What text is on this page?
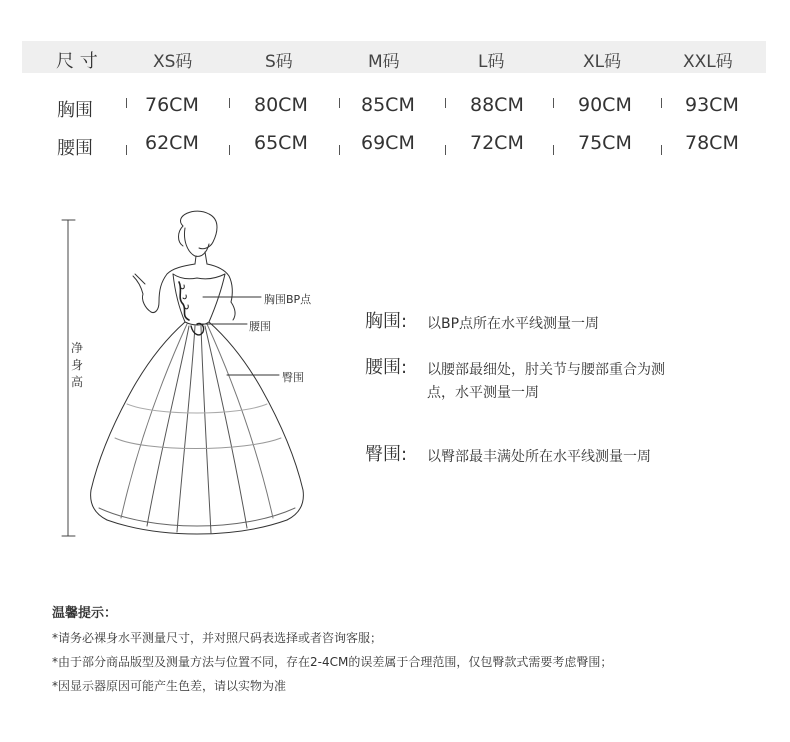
尺 寸	XS码	S码	M码	L码	XL码	XXL码
胸围	76CM	80CM	85CM	88CM	90CM	93CM
腰围	62CM	65CM	69CM	72CM	75CM	78CM
胸围BP点
腰围
臀围
净
身
高
胸围: 以BP点所在水平线测量一周
腰围: 以腰部最细处，肘关节与腰部重合为测
点，水平测量一周
臀围: 以臀部最丰满处所在水平线测量一周
温馨提示：
*请务必裸身水平测量尺寸，并对照尺码表选择或者咨询客服；
*由于部分商品版型及测量方法与位置不同，存在2-4CM的误差属于合理范围，仅包臀款式需要考虑臀围；
*因显示器原因可能产生色差，请以实物为准
